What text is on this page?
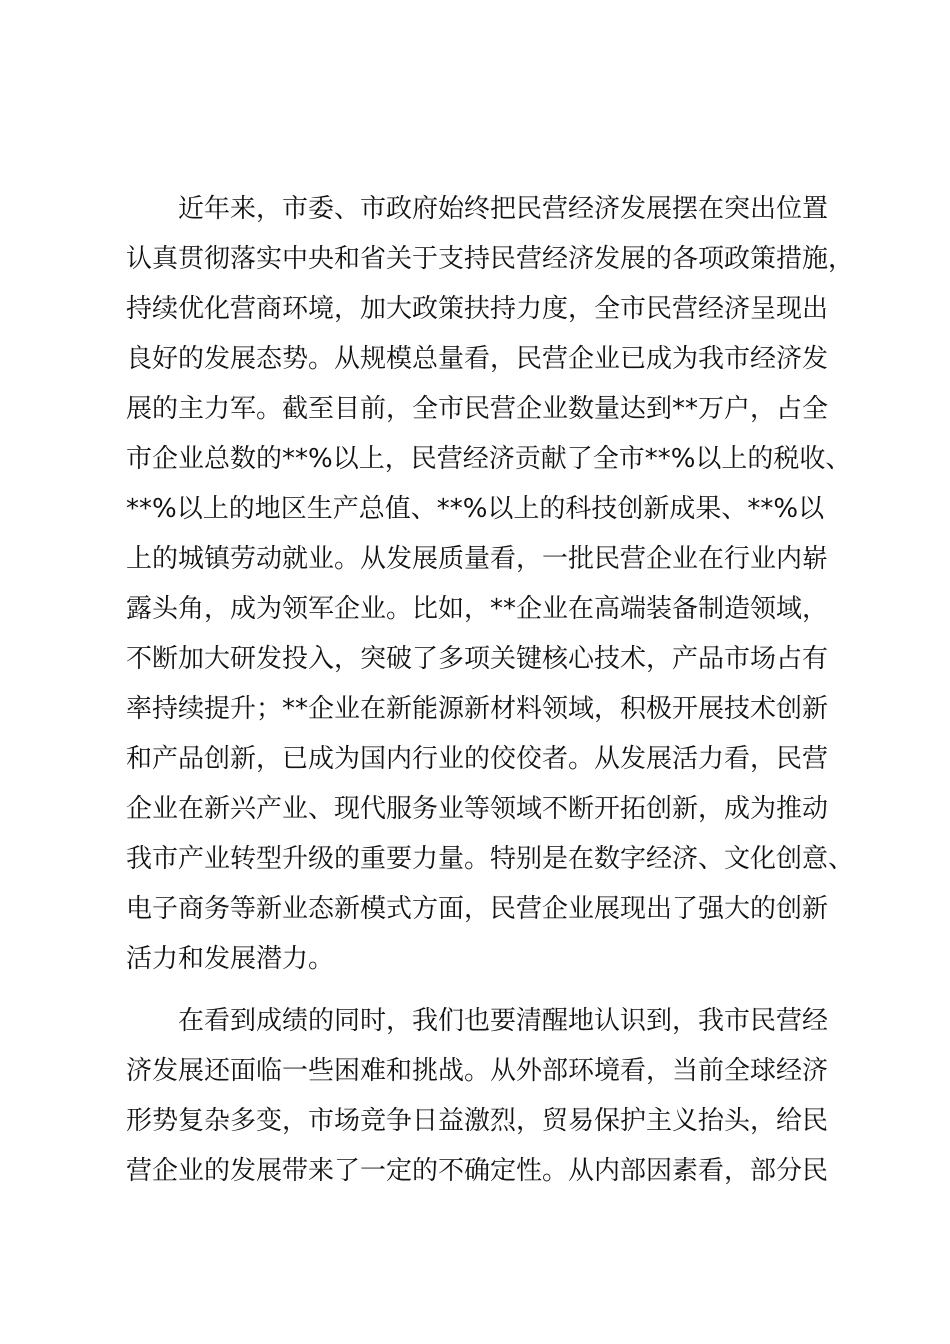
近年来，市委、市政府始终把民营经济发展摆在突出位置
认真贯彻落实中央和省关于支持民营经济发展的各项政策措施，
持续优化营商环境，加大政策扶持力度，全市民营经济呈现出
良好的发展态势。从规模总量看，民营企业已成为我市经济发
展的主力军。截至目前，全市民营企业数量达到**万户，占全
市企业总数的**%以上，民营经济贡献了全市**%以上的税收、
**%以上的地区生产总值、**%以上的科技创新成果、**%以
上的城镇劳动就业。从发展质量看，一批民营企业在行业内崭
露头角，成为领军企业。比如，**企业在高端装备制造领域，
不断加大研发投入，突破了多项关键核心技术，产品市场占有
率持续提升；**企业在新能源新材料领域，积极开展技术创新
和产品创新，已成为国内行业的佼佼者。从发展活力看，民营
企业在新兴产业、现代服务业等领域不断开拓创新，成为推动
我市产业转型升级的重要力量。特别是在数字经济、文化创意、
电子商务等新业态新模式方面，民营企业展现出了强大的创新
活力和发展潜力。
在看到成绩的同时，我们也要清醒地认识到，我市民营经
济发展还面临一些困难和挑战。从外部环境看，当前全球经济
形势复杂多变，市场竞争日益激烈，贸易保护主义抬头，给民
营企业的发展带来了一定的不确定性。从内部因素看，部分民
